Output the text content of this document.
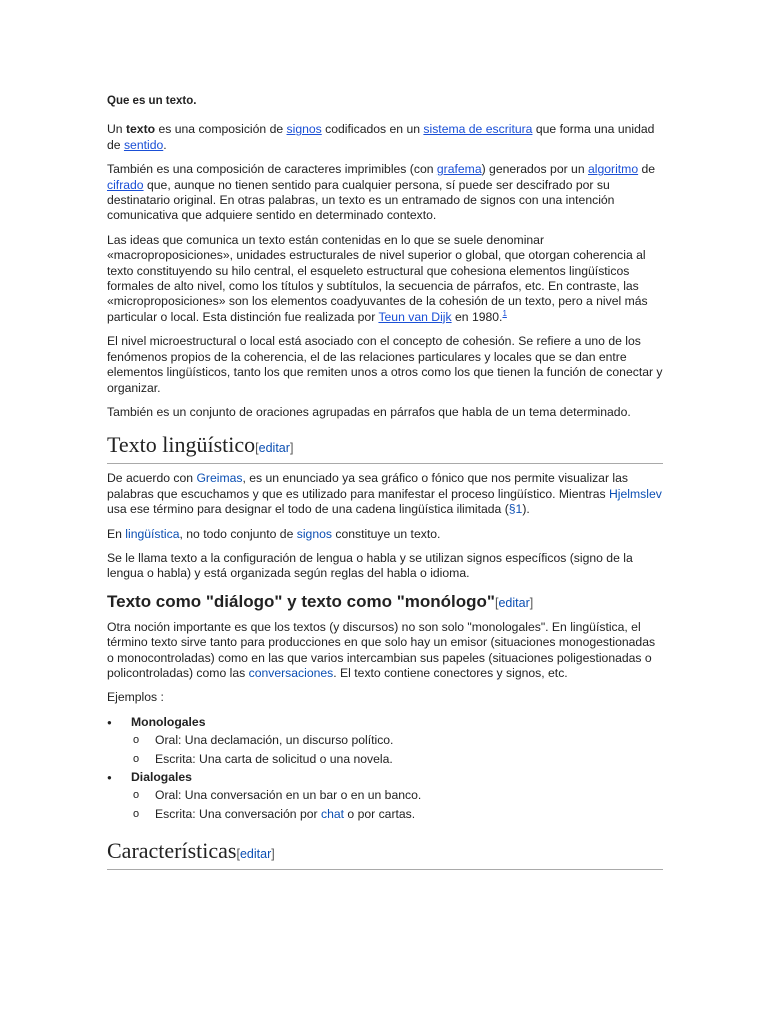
Que es un texto.

Un texto es una composición de signos codificados en un sistema de escritura que forma una unidad de sentido.

También es una composición de caracteres imprimibles (con grafema) generados por un algoritmo de cifrado que, aunque no tienen sentido para cualquier persona, sí puede ser descifrado por su destinatario original. En otras palabras, un texto es un entramado de signos con una intención comunicativa que adquiere sentido en determinado contexto.

Las ideas que comunica un texto están contenidas en lo que se suele denominar «macroproposiciones», unidades estructurales de nivel superior o global, que otorgan coherencia al texto constituyendo su hilo central, el esqueleto estructural que cohesiona elementos lingüísticos formales de alto nivel, como los títulos y subtítulos, la secuencia de párrafos, etc. En contraste, las «microproposiciones» son los elementos coadyuvantes de la cohesión de un texto, pero a nivel más particular o local. Esta distinción fue realizada por Teun van Dijk en 1980.$^1$

El nivel microestructural o local está asociado con el concepto de cohesión. Se refiere a uno de los fenómenos propios de la coherencia, el de las relaciones particulares y locales que se dan entre elementos lingüísticos, tanto los que remiten unos a otros como los que tienen la función de conectar y organizar.

También es un conjunto de oraciones agrupadas en párrafos que habla de un tema determinado.

Texto lingüístico[editar]

De acuerdo con Greimas, es un enunciado ya sea gráfico o fónico que nos permite visualizar las palabras que escuchamos y que es utilizado para manifestar el proceso lingüístico. Mientras Hjelmslev usa ese término para designar el todo de una cadena lingüística ilimitada (§1).

En lingüística, no todo conjunto de signos constituye un texto.

Se le llama texto a la configuración de lengua o habla y se utilizan signos específicos (signo de la lengua o habla) y está organizada según reglas del habla o idioma.

Texto como "diálogo" y texto como "monólogo"[editar]

Otra noción importante es que los textos (y discursos) no son solo "monologales". En lingüística, el término texto sirve tanto para producciones en que solo hay un emisor (situaciones monogestionadas o monocontroladas) como en las que varios intercambian sus papeles (situaciones poligestionadas o policontroladas) como las conversaciones. El texto contiene conectores y signos, etc.

Ejemplos :

● Monologales
o Oral: Una declamación, un discurso político.
o Escrita: Una carta de solicitud o una novela.
● Dialogales
o Oral: Una conversación en un bar o en un banco.
o Escrita: Una conversación por chat o por cartas.
Características[editar]
